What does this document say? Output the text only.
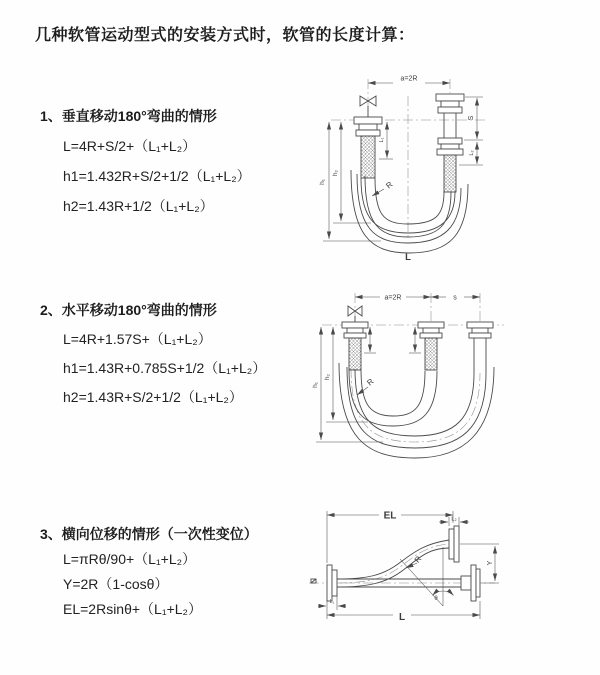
几种软管运动型式的安装方式时，软管的长度计算：
1、垂直移动180°弯曲的情形
L=4R+S/2+（L₁+L₂）
h1=1.432R+S/2+1/2（L₁+L₂）
h2=1.43R+1/2（L₁+L₂）
2、水平移动180°弯曲的情形
L=4R+1.57S+（L₁+L₂）
h1=1.43R+0.785S+1/2（L₁+L₂）
h2=1.43R+S/2+1/2（L₁+L₂）
3、横向位移的情形（一次性变位）
L=πRθ/90+（L₁+L₂）
Y=2R（1-cosθ）
EL=2Rsinθ+（L₁+L₂）
a=2R
h₁
h₂
L₁
S
L₂
R
L
a=2R	s
h₁
h₂	R
EL	L₂
Y
L
L₁	θ
R
